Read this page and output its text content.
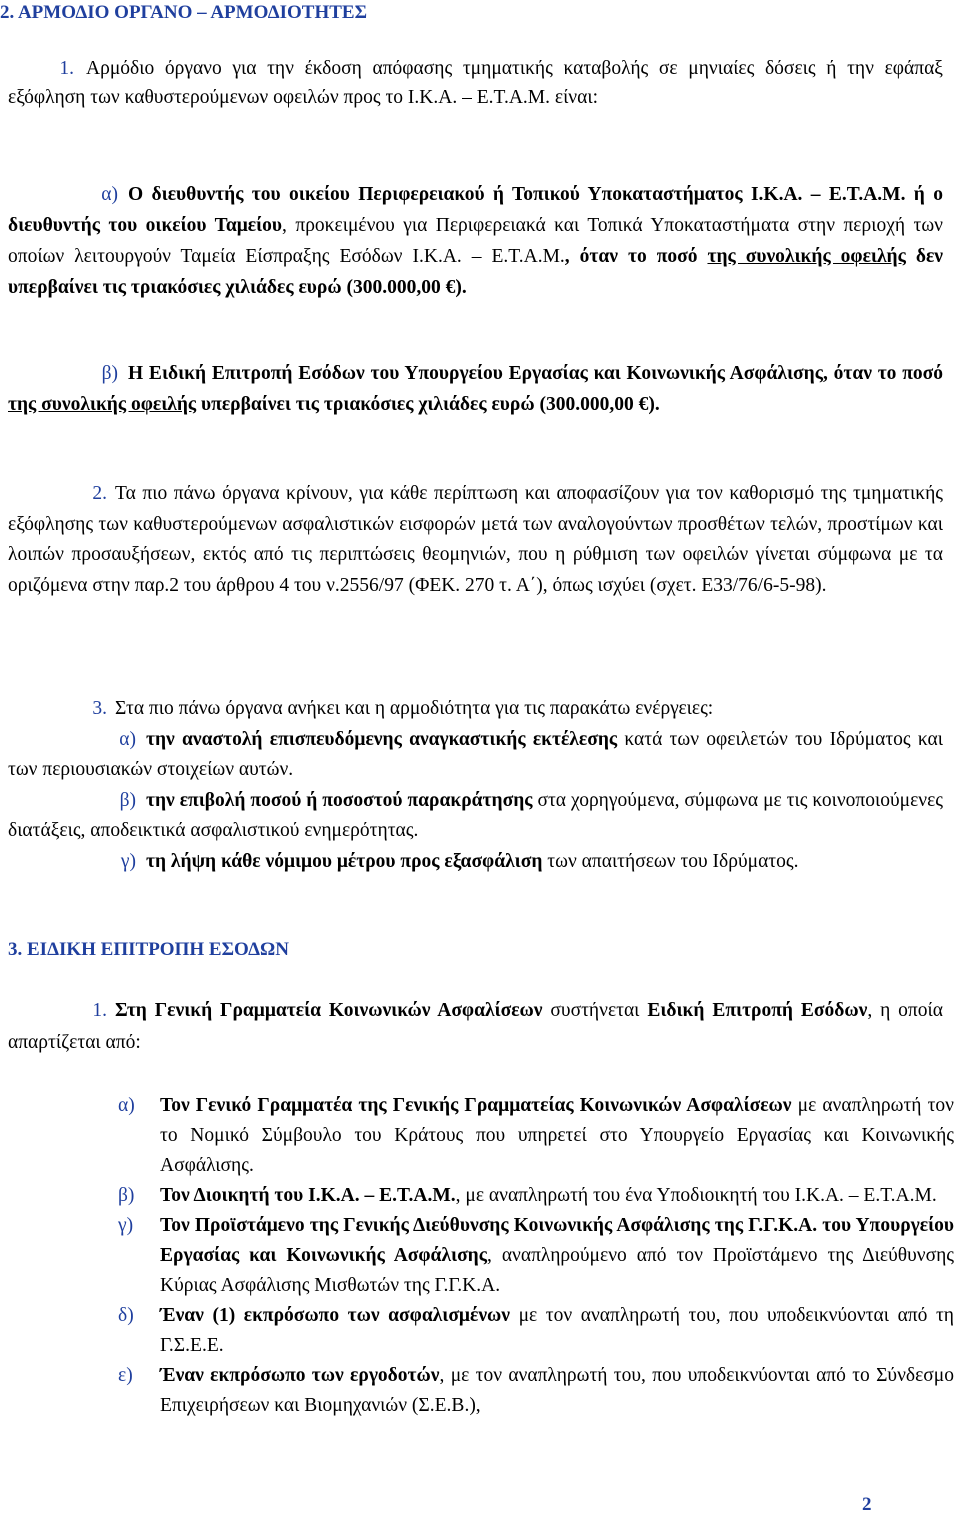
2. ΑΡΜΟΔΙΟ ΟΡΓΑΝΟ – ΑΡΜΟΔΙΟΤΗΤΕΣ
1. Αρμόδιο όργανο για την έκδοση απόφασης τμηματικής καταβολής σε μηνιαίες δόσεις ή την εφάπαξ εξόφληση των καθυστερούμενων οφειλών προς το Ι.Κ.Α. – Ε.Τ.Α.Μ. είναι:
α) Ο διευθυντής του οικείου Περιφερειακού ή Τοπικού Υποκαταστήματος Ι.Κ.Α. – Ε.Τ.Α.Μ. ή ο διευθυντής του οικείου Ταμείου, προκειμένου για Περιφερειακά και Τοπικά Υποκαταστήματα στην περιοχή των οποίων λειτουργούν Ταμεία Είσπραξης Εσόδων Ι.Κ.Α. – Ε.Τ.Α.Μ., όταν το ποσό της συνολικής οφειλής δεν υπερβαίνει τις τριακόσιες χιλιάδες ευρώ (300.000,00 €).
β) Η Ειδική Επιτροπή Εσόδων του Υπουργείου Εργασίας και Κοινωνικής Ασφάλισης, όταν το ποσό της συνολικής οφειλής υπερβαίνει τις τριακόσιες χιλιάδες ευρώ (300.000,00 €).
2. Τα πιο πάνω όργανα κρίνουν, για κάθε περίπτωση και αποφασίζουν για τον καθορισμό της τμηματικής εξόφλησης των καθυστερούμενων ασφαλιστικών εισφορών μετά των αναλογούντων προσθέτων τελών, προστίμων και λοιπών προσαυξήσεων, εκτός από τις περιπτώσεις θεομηνιών, που η ρύθμιση των οφειλών γίνεται σύμφωνα με τα οριζόμενα στην παρ.2 του άρθρου 4 του ν.2556/97 (ΦΕΚ. 270 τ. Α΄), όπως ισχύει (σχετ. Ε33/76/6-5-98).
3. Στα πιο πάνω όργανα ανήκει και η αρμοδιότητα για τις παρακάτω ενέργειες:
α) την αναστολή επισπευδόμενης αναγκαστικής εκτέλεσης κατά των οφειλετών του Ιδρύματος και των περιουσιακών στοιχείων αυτών.
β) την επιβολή ποσού ή ποσοστού παρακράτησης στα χορηγούμενα, σύμφωνα με τις κοινοποιούμενες διατάξεις, αποδεικτικά ασφαλιστικού ενημερότητας.
γ) τη λήψη κάθε νόμιμου μέτρου προς εξασφάλιση των απαιτήσεων του Ιδρύματος.
3. ΕΙΔΙΚΗ ΕΠΙΤΡΟΠΗ ΕΣΟΔΩΝ
1. Στη Γενική Γραμματεία Κοινωνικών Ασφαλίσεων συστήνεται Ειδική Επιτροπή Εσόδων, η οποία απαρτίζεται από:
α)	Τον Γενικό Γραμματέα της Γενικής Γραμματείας Κοινωνικών Ασφαλίσεων με αναπληρωτή τον το Νομικό Σύμβουλο του Κράτους που υπηρετεί στο Υπουργείο Εργασίας και Κοινωνικής Ασφάλισης.
β)	Τον Διοικητή του Ι.Κ.Α. – Ε.Τ.Α.Μ., με αναπληρωτή του ένα Υποδιοικητή του Ι.Κ.Α. – Ε.Τ.Α.Μ.
γ)	Τον Προϊστάμενο της Γενικής Διεύθυνσης Κοινωνικής Ασφάλισης της Γ.Γ.Κ.Α. του Υπουργείου Εργασίας και Κοινωνικής Ασφάλισης, αναπληρούμενο από τον Προϊστάμενο της Διεύθυνσης Κύριας Ασφάλισης Μισθωτών της Γ.Γ.Κ.Α.
δ)	Έναν (1) εκπρόσωπο των ασφαλισμένων με τον αναπληρωτή του, που υποδεικνύονται από τη Γ.Σ.Ε.Ε.
ε)	Έναν εκπρόσωπο των εργοδοτών, με τον αναπληρωτή του, που υποδεικνύονται από το Σύνδεσμο Επιχειρήσεων και Βιομηχανιών (Σ.Ε.Β.),
2
